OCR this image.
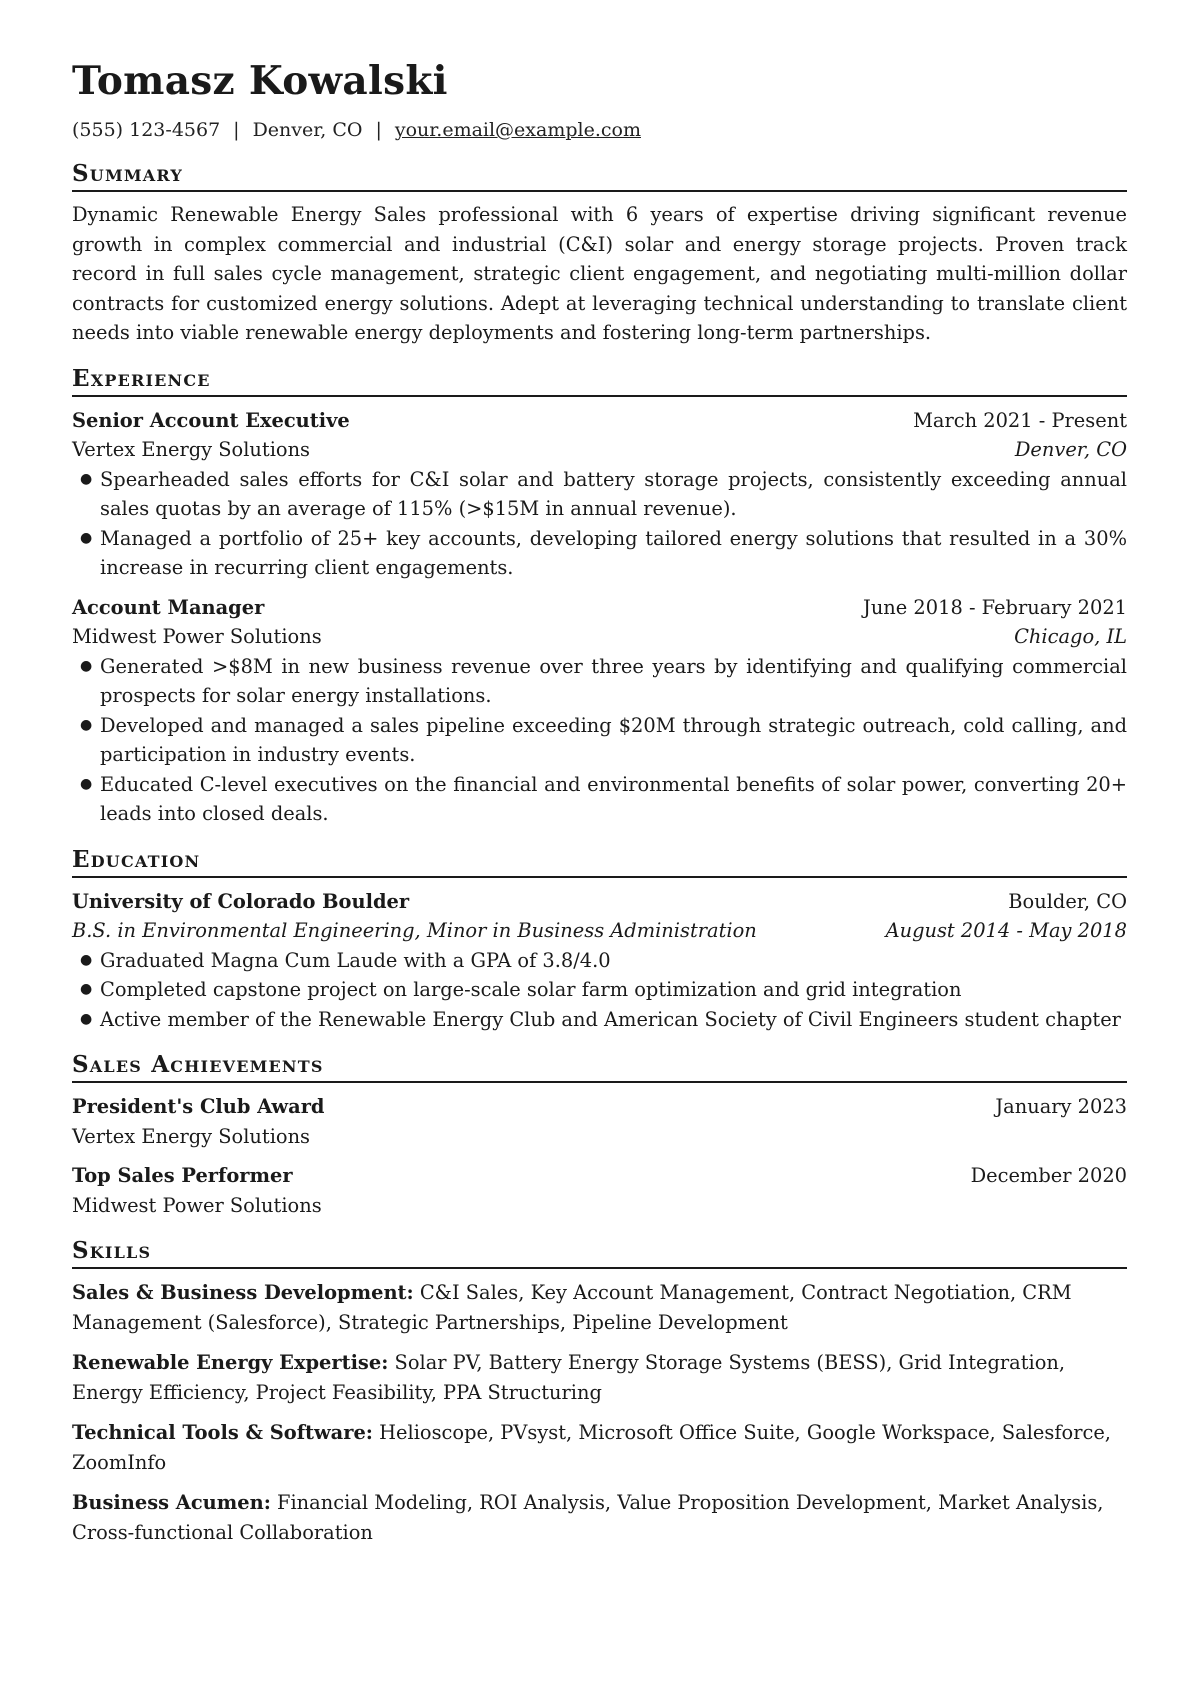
Tomasz Kowalski
(555) 123-4567 | Denver, CO | your.email@example.com
Summary
Dynamic Renewable Energy Sales professional with 6 years of expertise driving significant revenue growth in complex commercial and industrial (C&I) solar and energy storage projects. Proven track record in full sales cycle management, strategic client engagement, and negotiating multi-million dollar contracts for customized energy solutions. Adept at leveraging technical understanding to translate client needs into viable renewable energy deployments and fostering long-term partnerships.
Experience
Senior Account Executive	March 2021 - Present
Vertex Energy Solutions	Denver, CO
● Spearheaded sales efforts for C&I solar and battery storage projects, consistently exceeding annual sales quotas by an average of 115% (>$15M in annual revenue).
● Managed a portfolio of 25+ key accounts, developing tailored energy solutions that resulted in a 30% increase in recurring client engagements.
Account Manager	June 2018 - February 2021
Midwest Power Solutions	Chicago, IL
● Generated >$8M in new business revenue over three years by identifying and qualifying commercial prospects for solar energy installations.
● Developed and managed a sales pipeline exceeding $20M through strategic outreach, cold calling, and participation in industry events.
● Educated C-level executives on the financial and environmental benefits of solar power, converting 20+ leads into closed deals.
Education
University of Colorado Boulder	Boulder, CO
B.S. in Environmental Engineering, Minor in Business Administration	August 2014 - May 2018
● Graduated Magna Cum Laude with a GPA of 3.8/4.0
● Completed capstone project on large-scale solar farm optimization and grid integration
● Active member of the Renewable Energy Club and American Society of Civil Engineers student chapter
Sales Achievements
President's Club Award	January 2023
Vertex Energy Solutions
Top Sales Performer	December 2020
Midwest Power Solutions
Skills
Sales & Business Development: C&I Sales, Key Account Management, Contract Negotiation, CRM Management (Salesforce), Strategic Partnerships, Pipeline Development
Renewable Energy Expertise: Solar PV, Battery Energy Storage Systems (BESS), Grid Integration, Energy Efficiency, Project Feasibility, PPA Structuring
Technical Tools & Software: Helioscope, PVsyst, Microsoft Office Suite, Google Workspace, Salesforce, ZoomInfo
Business Acumen: Financial Modeling, ROI Analysis, Value Proposition Development, Market Analysis, Cross-functional Collaboration
